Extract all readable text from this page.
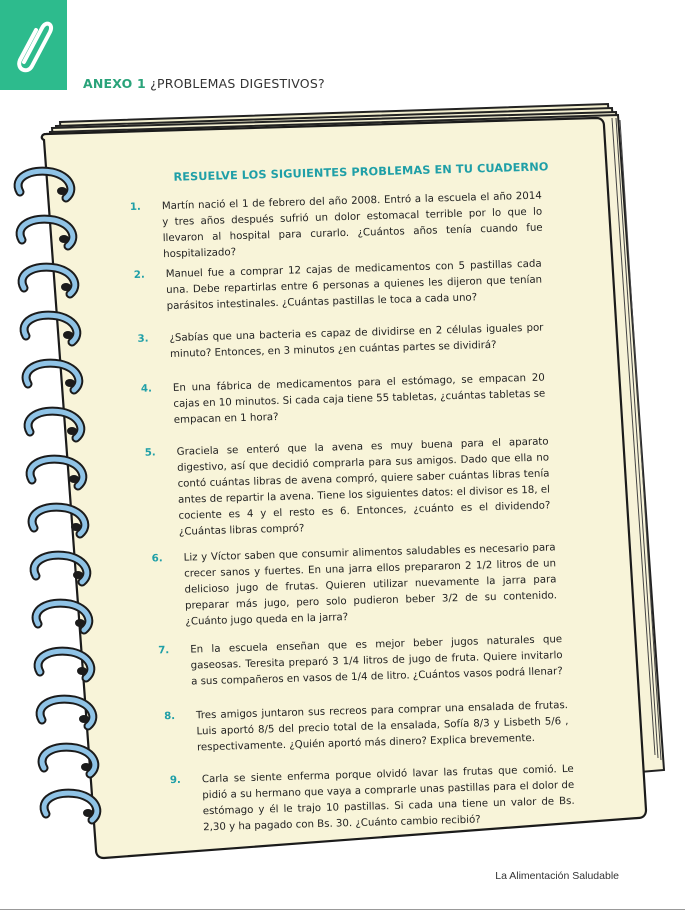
ANEXO 1 ¿PROBLEMAS DIGESTIVOS?
RESUELVE LOS SIGUIENTES PROBLEMAS EN TU CUADERNO
1. Martín nació el 1 de febrero del año 2008. Entró a la escuela el año 2014 y tres años después sufrió un dolor estomacal terrible por lo que lo llevaron al hospital para curarlo. ¿Cuántos años tenía cuando fue hospitalizado?
2. Manuel fue a comprar 12 cajas de medicamentos con 5 pastillas cada una. Debe repartirlas entre 6 personas a quienes les dijeron que tenían parásitos intestinales. ¿Cuántas pastillas le toca a cada uno?
3. ¿Sabías que una bacteria es capaz de dividirse en 2 células iguales por minuto? Entonces, en 3 minutos ¿en cuántas partes se dividirá?
4. En una fábrica de medicamentos para el estómago, se empacan 20 cajas en 10 minutos. Si cada caja tiene 55 tabletas, ¿cuántas tabletas se empacan en 1 hora?
5. Graciela se enteró que la avena es muy buena para el aparato digestivo, así que decidió comprarla para sus amigos. Dado que ella no contó cuántas libras de avena compró, quiere saber cuántas libras tenía antes de repartir la avena. Tiene los siguientes datos: el divisor es 18, el cociente es 4 y el resto es 6. Entonces, ¿cuánto es el dividendo? ¿Cuántas libras compró?
6. Liz y Víctor saben que consumir alimentos saludables es necesario para crecer sanos y fuertes. En una jarra ellos prepararon 2 1/2 litros de un delicioso jugo de frutas. Quieren utilizar nuevamente la jarra para preparar más jugo, pero solo pudieron beber 3/2 de su contenido. ¿Cuánto jugo queda en la jarra?
7. En la escuela enseñan que es mejor beber jugos naturales que gaseosas. Teresita preparó 3 1/4 litros de jugo de fruta. Quiere invitarlo a sus compañeros en vasos de 1/4 de litro. ¿Cuántos vasos podrá llenar?
8. Tres amigos juntaron sus recreos para comprar una ensalada de frutas. Luis aportó 8/5 del precio total de la ensalada, Sofía 8/3 y Lisbeth 5/6 , respectivamente. ¿Quién aportó más dinero? Explica brevemente.
9. Carla se siente enferma porque olvidó lavar las frutas que comió. Le pidió a su hermano que vaya a comprarle unas pastillas para el dolor de estómago y él le trajo 10 pastillas. Si cada una tiene un valor de Bs. 2,30 y ha pagado con Bs. 30. ¿Cuánto cambio recibió?
La Alimentación Saludable
